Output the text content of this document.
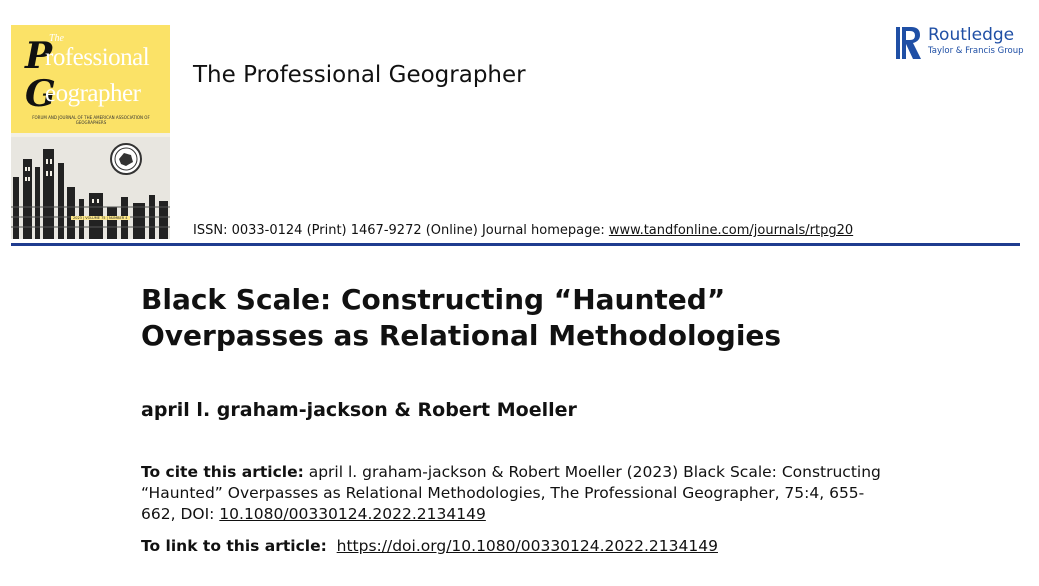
The
P
rofessional
G
eographer
FORUM AND JOURNAL OF THE AMERICAN ASSOCIATION OF GEOGRAPHERS
2023 | VOLUME 75 | NUMBER 4
The Professional Geographer
Routledge
Taylor & Francis Group
ISSN: 0033-0124 (Print) 1467-9272 (Online) Journal homepage: www.tandfonline.com/journals/rtpg20
Black Scale: Constructing “Haunted” Overpasses as Relational Methodologies
april l. graham-jackson & Robert Moeller
To cite this article: april l. graham-jackson & Robert Moeller (2023) Black Scale: Constructing “Haunted” Overpasses as Relational Methodologies, The Professional Geographer, 75:4, 655-662, DOI: 10.1080/00330124.2022.2134149
To link to this article: https://doi.org/10.1080/00330124.2022.2134149
